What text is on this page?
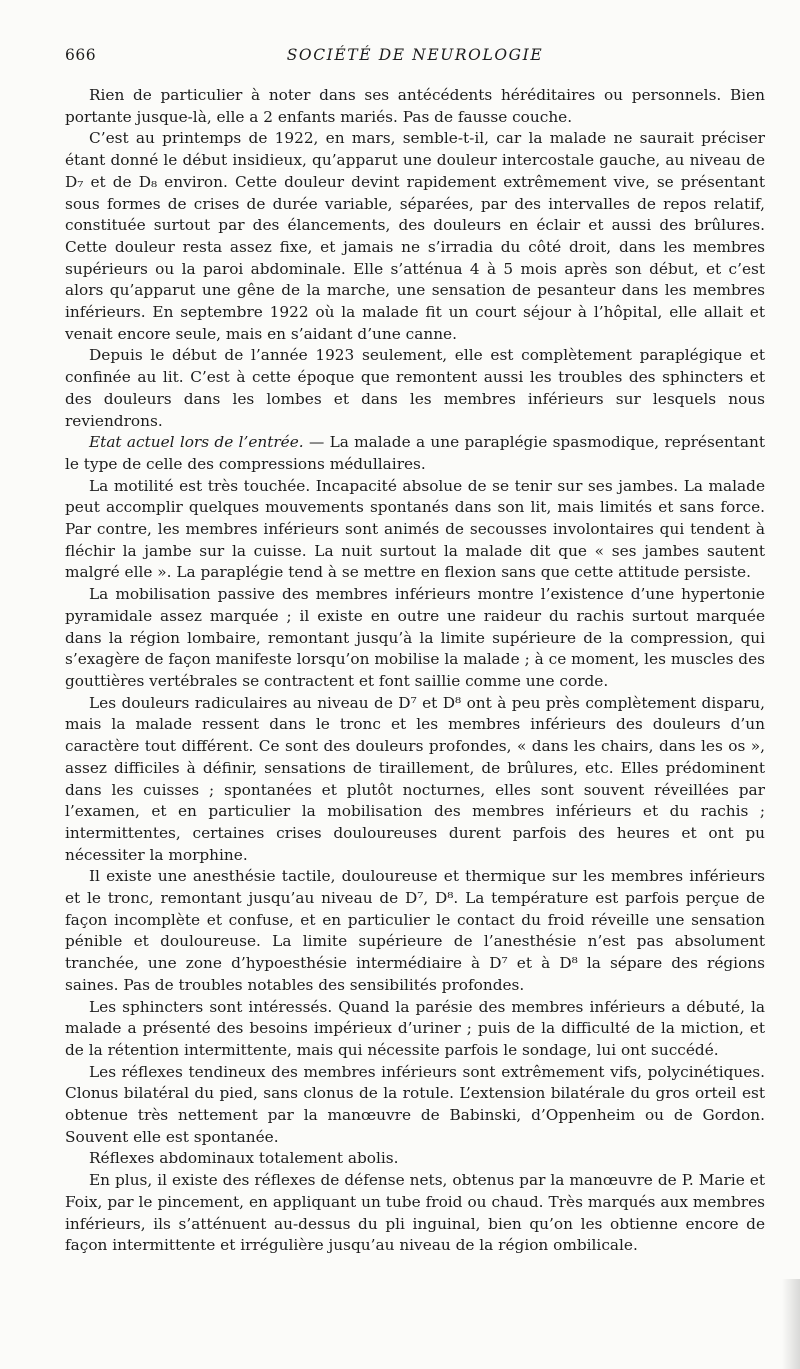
666	SOCIÉTÉ DE NEUROLOGIE

Rien de particulier à noter dans ses antécédents héréditaires ou personnels. Bien portante jusque-là, elle a 2 enfants mariés. Pas de fausse couche.

C’est au printemps de 1922, en mars, semble-t-il, car la malade ne saurait préciser étant donné le début insidieux, qu’apparut une douleur intercostale gauche, au niveau de D₇ et de D₈ environ. Cette douleur devint rapidement extrêmement vive, se présentant sous formes de crises de durée variable, séparées, par des intervalles de repos relatif, constituée surtout par des élancements, des douleurs en éclair et aussi des brûlures. Cette douleur resta assez fixe, et jamais ne s’irradia du côté droit, dans les membres supérieurs ou la paroi abdominale. Elle s’atténua 4 à 5 mois après son début, et c’est alors qu’apparut une gêne de la marche, une sensation de pesanteur dans les membres inférieurs. En septembre 1922 où la malade fit un court séjour à l’hôpital, elle allait et venait encore seule, mais en s’aidant d’une canne.

Depuis le début de l’année 1923 seulement, elle est complètement paraplégique et confinée au lit. C’est à cette époque que remontent aussi les troubles des sphincters et des douleurs dans les lombes et dans les membres inférieurs sur lesquels nous reviendrons.

Etat actuel lors de l’entrée. — La malade a une paraplégie spasmodique, représentant le type de celle des compressions médullaires.

La motilité est très touchée. Incapacité absolue de se tenir sur ses jambes. La malade peut accomplir quelques mouvements spontanés dans son lit, mais limités et sans force. Par contre, les membres inférieurs sont animés de secousses involontaires qui tendent à fléchir la jambe sur la cuisse. La nuit surtout la malade dit que « ses jambes sautent malgré elle ». La paraplégie tend à se mettre en flexion sans que cette attitude persiste.

La mobilisation passive des membres inférieurs montre l’existence d’une hypertonie pyramidale assez marquée ; il existe en outre une raideur du rachis surtout marquée dans la région lombaire, remontant jusqu’à la limite supérieure de la compression, qui s’exagère de façon manifeste lorsqu’on mobilise la malade ; à ce moment, les muscles des gouttières vertébrales se contractent et font saillie comme une corde.

Les douleurs radiculaires au niveau de D⁷ et D⁸ ont à peu près complètement disparu, mais la malade ressent dans le tronc et les membres inférieurs des douleurs d’un caractère tout différent. Ce sont des douleurs profondes, « dans les chairs, dans les os », assez difficiles à définir, sensations de tiraillement, de brûlures, etc. Elles prédominent dans les cuisses ; spontanées et plutôt nocturnes, elles sont souvent réveillées par l’examen, et en particulier la mobilisation des membres inférieurs et du rachis ; intermittentes, certaines crises douloureuses durent parfois des heures et ont pu nécessiter la morphine.

Il existe une anesthésie tactile, douloureuse et thermique sur les membres inférieurs et le tronc, remontant jusqu’au niveau de D⁷, D⁸. La température est parfois perçue de façon incomplète et confuse, et en particulier le contact du froid réveille une sensation pénible et douloureuse. La limite supérieure de l’anesthésie n’est pas absolument tranchée, une zone d’hypoesthésie intermédiaire à D⁷ et à D⁸ la sépare des régions saines. Pas de troubles notables des sensibilités profondes.

Les sphincters sont intéressés. Quand la parésie des membres inférieurs a débuté, la malade a présenté des besoins impérieux d’uriner ; puis de la difficulté de la miction, et de la rétention intermittente, mais qui nécessite parfois le sondage, lui ont succédé.

Les réflexes tendineux des membres inférieurs sont extrêmement vifs, polycinétiques. Clonus bilatéral du pied, sans clonus de la rotule. L’extension bilatérale du gros orteil est obtenue très nettement par la manœuvre de Babinski, d’Oppenheim ou de Gordon. Souvent elle est spontanée.

Réflexes abdominaux totalement abolis.

En plus, il existe des réflexes de défense nets, obtenus par la manœuvre de P. Marie et Foix, par le pincement, en appliquant un tube froid ou chaud. Très marqués aux membres inférieurs, ils s’atténuent au-dessus du pli inguinal, bien qu’on les obtienne encore de façon intermittente et irrégulière jusqu’au niveau de la région ombilicale.
